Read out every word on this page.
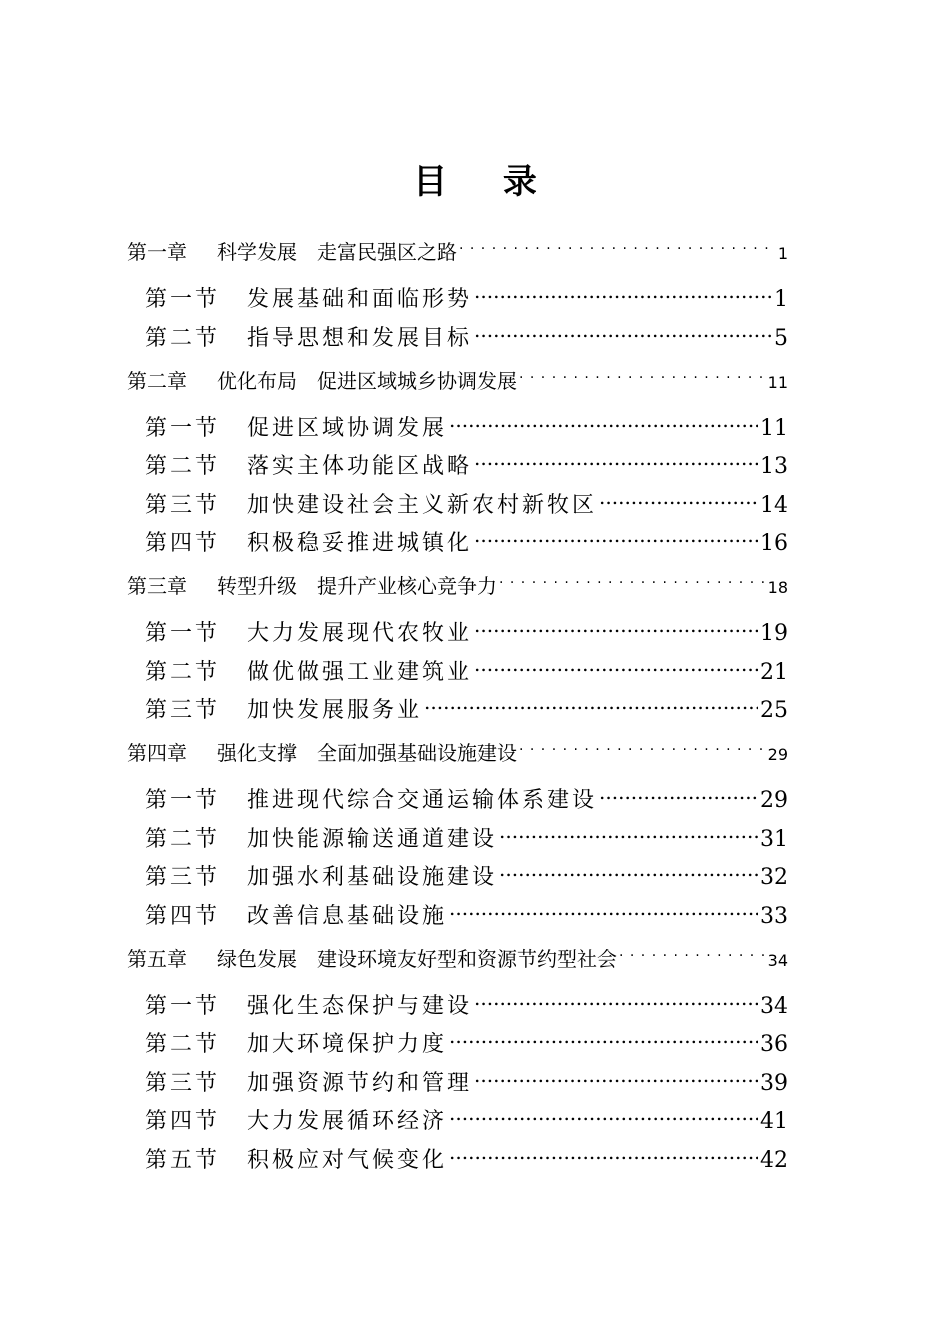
目 录
第一章	科学发展　走富民强区之路 . . .	1
第一节	发展基础和面临形势 .....	1
第二节	指导思想和发展目标 .....	5
第二章	优化布局　促进区域城乡协调发展 . . .	11
第一节	促进区域协调发展 .....	11
第二节	落实主体功能区战略 .....	13
第三节	加快建设社会主义新农村新牧区 .....	14
第四节	积极稳妥推进城镇化 .....	16
第三章	转型升级　提升产业核心竞争力 . . .	18
第一节	大力发展现代农牧业 .....	19
第二节	做优做强工业建筑业 .....	21
第三节	加快发展服务业 .....	25
第四章	强化支撑　全面加强基础设施建设 . . .	29
第一节	推进现代综合交通运输体系建设 .....	29
第二节	加快能源输送通道建设 .....	31
第三节	加强水利基础设施建设 .....	32
第四节	改善信息基础设施 .....	33
第五章	绿色发展　建设环境友好型和资源节约型社会 . . .	34
第一节	强化生态保护与建设 .....	34
第二节	加大环境保护力度 .....	36
第三节	加强资源节约和管理 .....	39
第四节	大力发展循环经济 .....	41
第五节	积极应对气候变化 .....	42
